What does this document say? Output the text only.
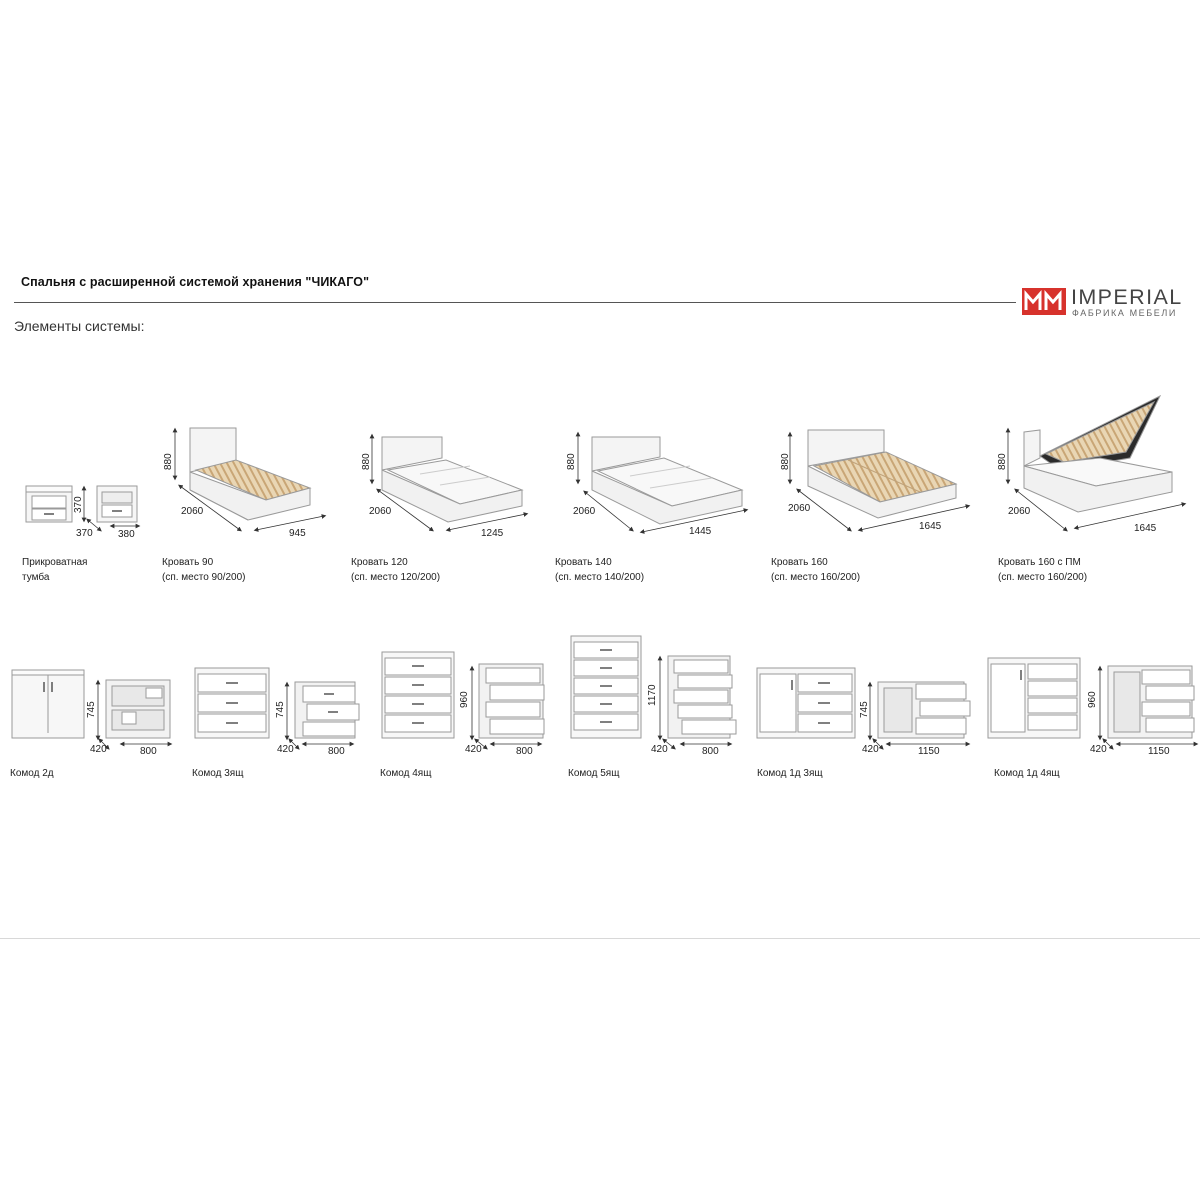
Спальня с расширенной системой хранения "ЧИКАГО"
Элементы системы:
IMPERIAL
ФАБРИКА МЕБЕЛИ
Прикроватная
тумба
Кровать 90
(сп. место 90/200)
Кровать 120
(сп. место 120/200)
Кровать 140
(сп. место 140/200)
Кровать 160
(сп. место 160/200)
Кровать 160 с ПМ
(сп. место 160/200)
Комод 2д	Комод 3ящ	Комод 4ящ	Комод 5ящ	Комод 1д 3ящ	Комод 1д 4ящ
370
370	380
880
2060
945
880
2060
1245
880
2060
1445
880
2060
1645
880
2060
1645
745
420	800
745
420	800
960
420	800
1170
420	800
745
420	1150
960
420	1150
